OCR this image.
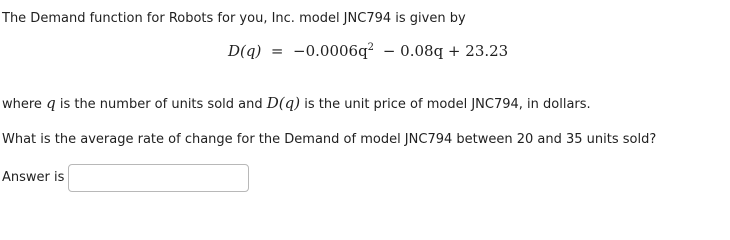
The Demand function for Robots for you, Inc. model JNC794 is given by
$D(q) = -0.0006q^2 - 0.08q + 23.23$
where q is the number of units sold and D(q) is the unit price of model JNC794, in dollars.
What is the average rate of change for the Demand of model JNC794 between 20 and 35 units sold?
Answer is
